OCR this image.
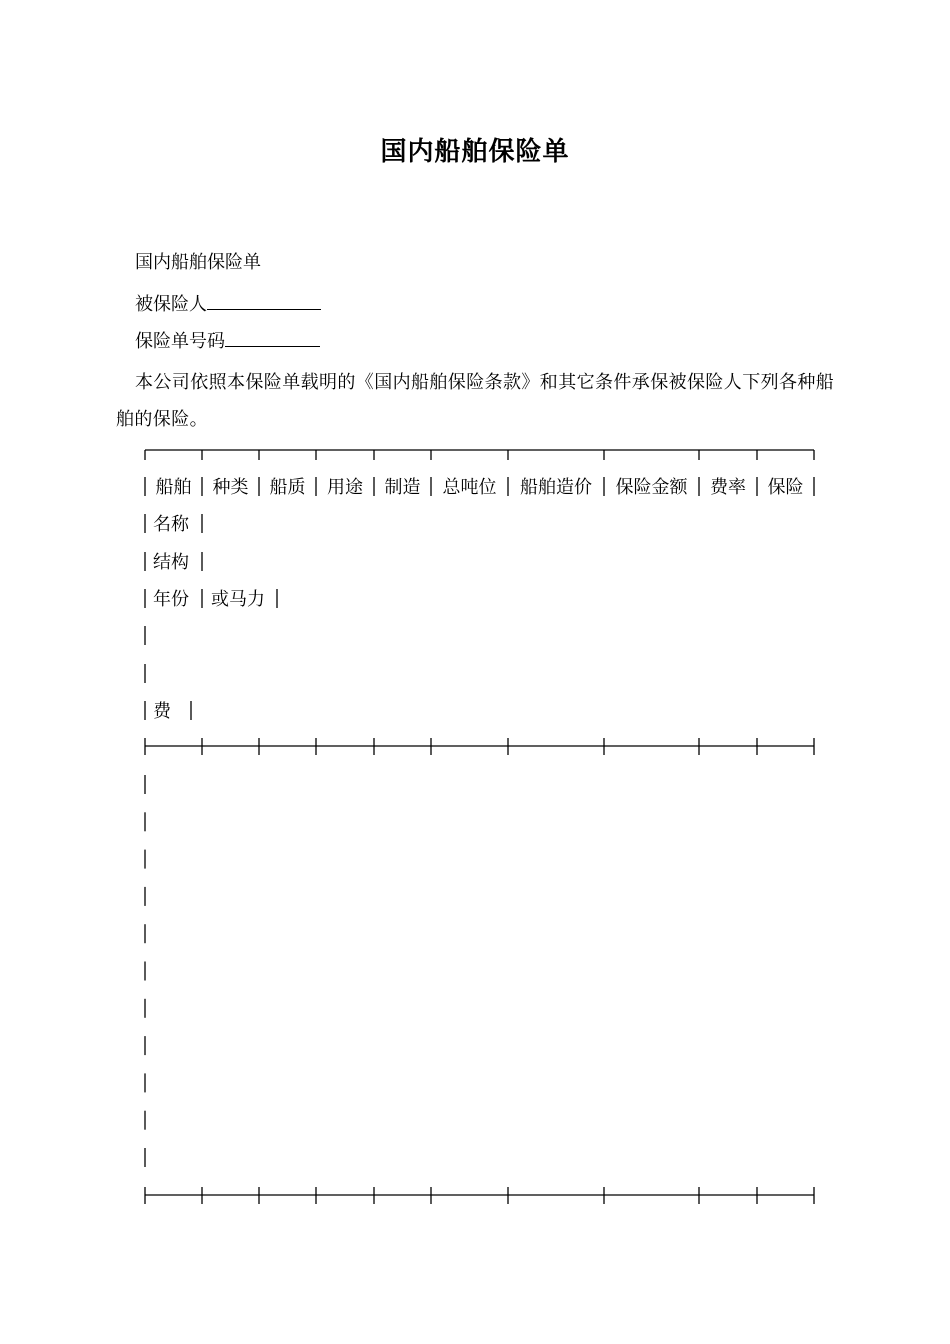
国内船舶保险单
国内船舶保险单
被保险人
保险单号码
本公司依照本保险单载明的《国内船舶保险条款》和其它条件承保被保险人下列各种船舶的保险。
船舶 种类 船质 用途 制造 总吨位 船舶造价 保险金额 费率 保险
名称
结构
年份 或马力
费
